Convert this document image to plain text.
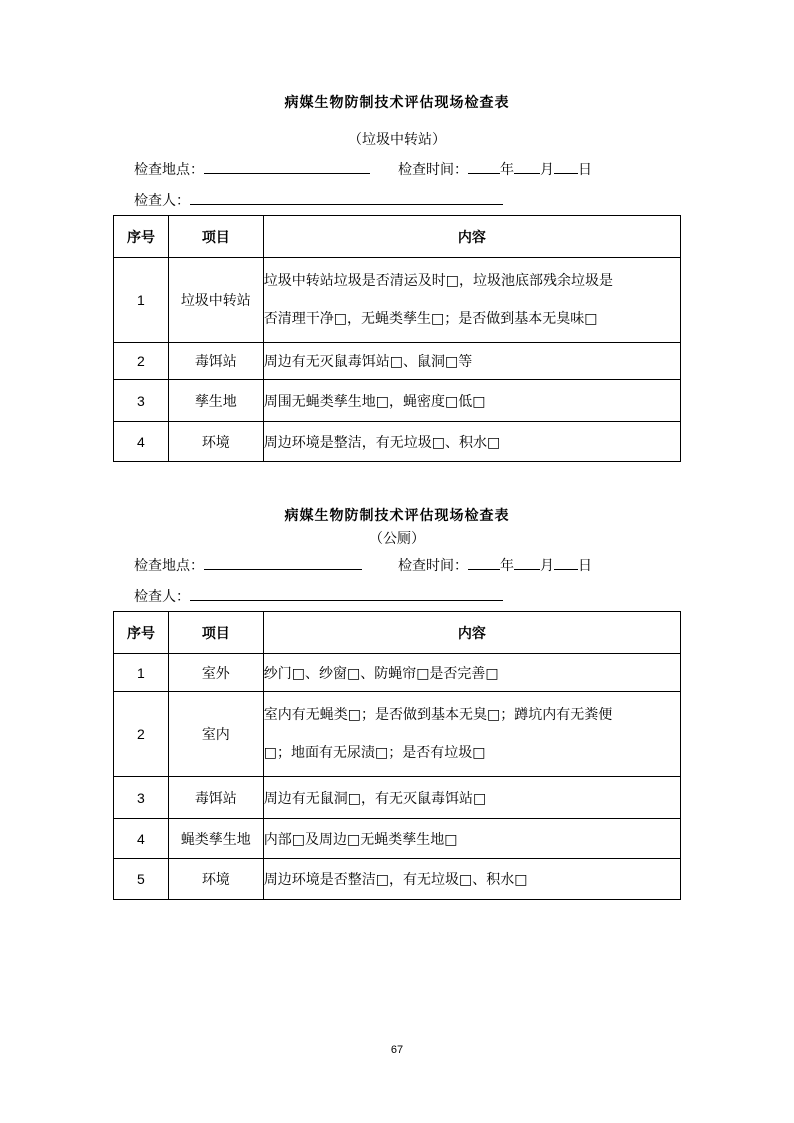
病媒生物防制技术评估现场检查表
（垃圾中转站）
检查地点：	检查时间： 年 月 日
检查人：
序号	项目	内容
1	垃圾中转站	垃圾中转站垃圾是否清运及时□，垃圾池底部残余垃圾是
否清理干净□，无蝇类孳生□；是否做到基本无臭味□

2	毒饵站	周边有无灭鼠毒饵站□、鼠洞□等
3	孳生地	周围无蝇类孳生地□，蝇密度□低□
4	环境	周边环境是整洁，有无垃圾□、积水□
病媒生物防制技术评估现场检查表
（公厕）
检查地点：	检查时间： 年 月 日
检查人：
序号	项目	内容
1	室外	纱门□、纱窗□、防蝇帘□是否完善□
2	室内	室内有无蝇类□；是否做到基本无臭□；蹲坑内有无粪便
□；地面有无尿渍□；是否有垃圾□

3	毒饵站	周边有无鼠洞□，有无灭鼠毒饵站□
4	蝇类孳生地	内部□及周边□无蝇类孳生地□
5	环境	周边环境是否整洁□，有无垃圾□、积水□
67
